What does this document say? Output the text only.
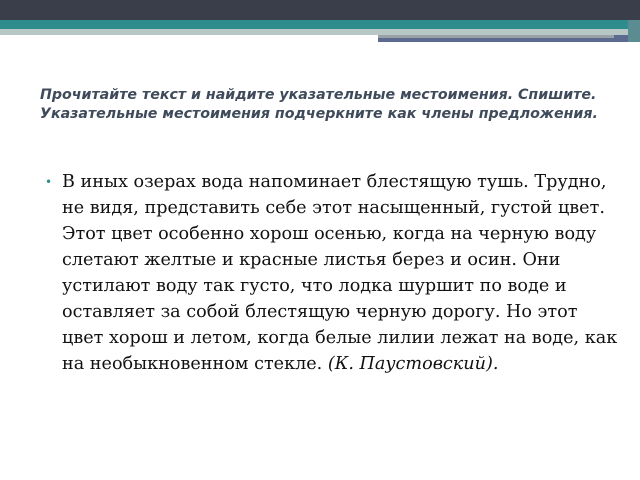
Прочитайте текст и найдите указательные местоимения. Спишите. Указательные местоимения подчеркните как члены предложения.

• В иных озерах вода напоминает блестящую тушь. Трудно, не видя, представить себе этот насыщенный, густой цвет. Этот цвет особенно хорош осенью, когда на черную воду слетают желтые и красные листья берез и осин. Они устилают воду так густо, что лодка шуршит по воде и оставляет за собой блестящую черную дорогу. Но этот цвет хорош и летом, когда белые лилии лежат на воде, как на необыкновенном стекле. (К. Паустовский).
